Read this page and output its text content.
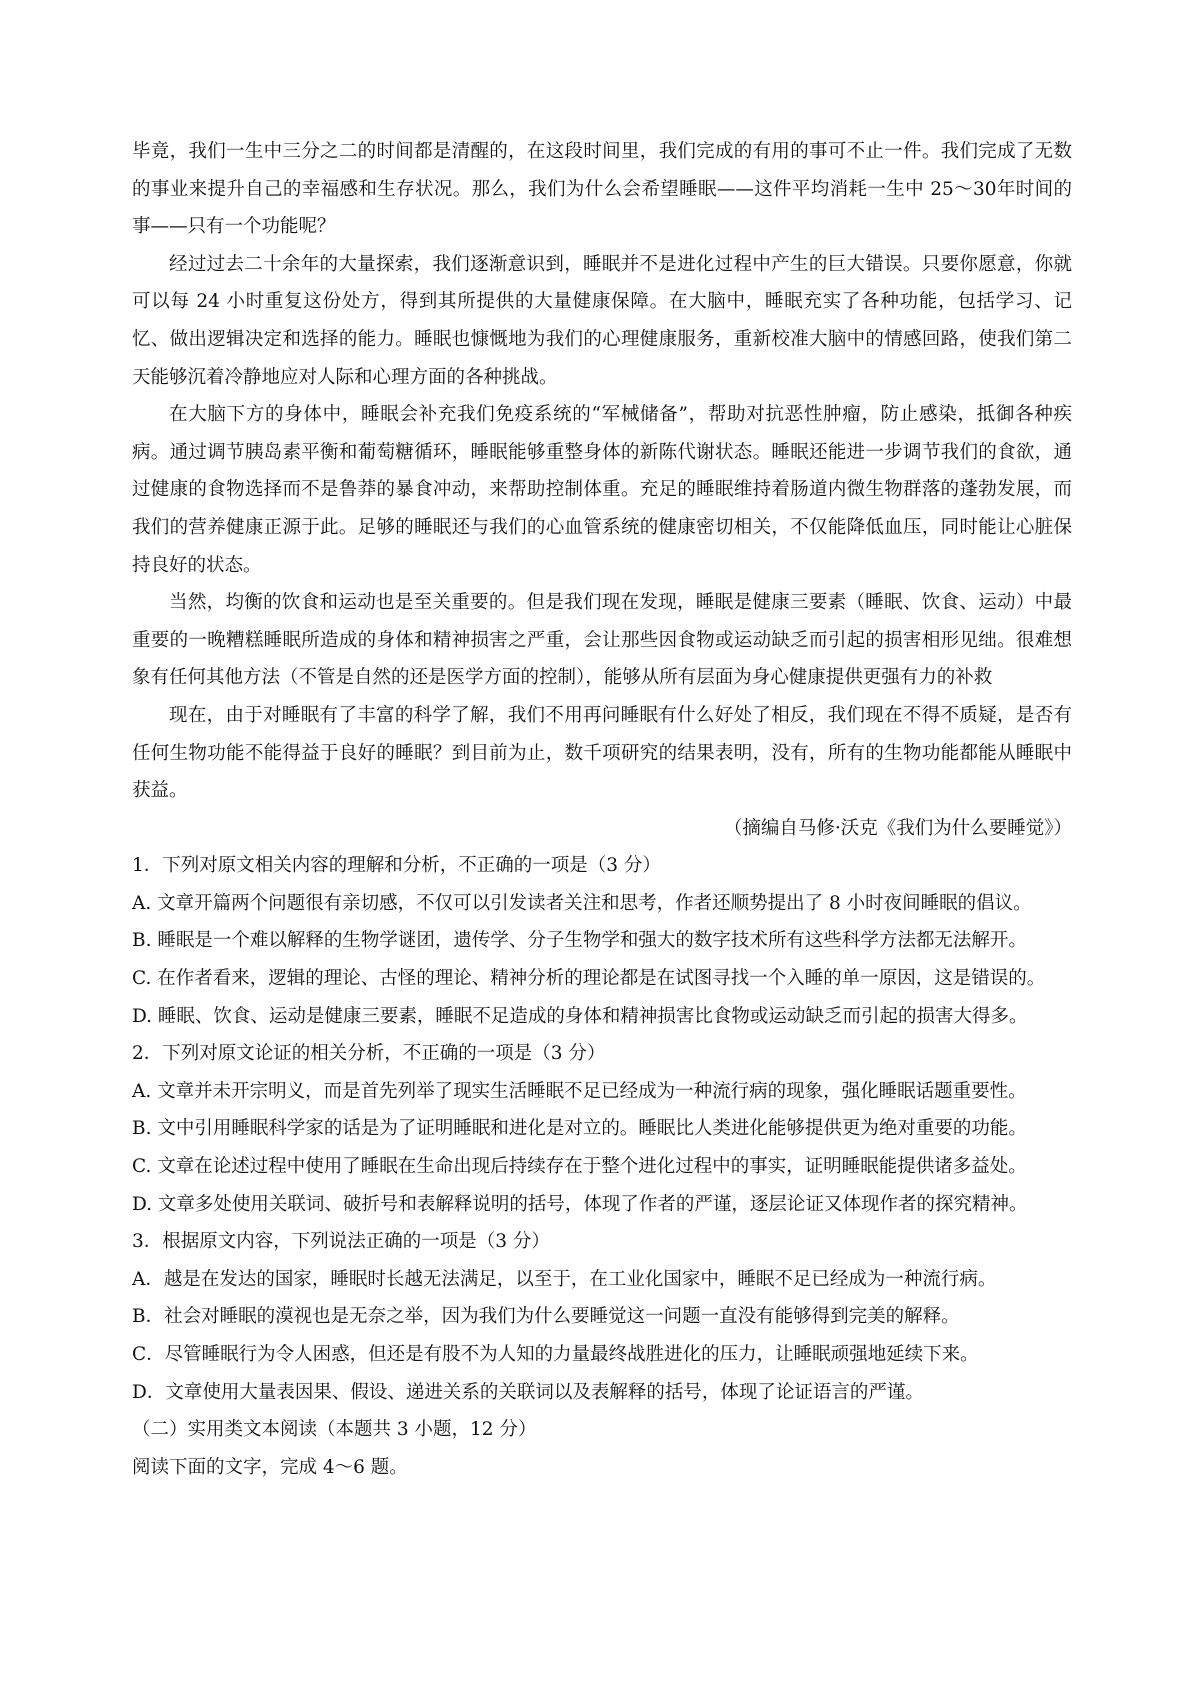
毕竟，我们一生中三分之二的时间都是清醒的，在这段时间里，我们完成的有用的事可不止一件。我们完成了无数的事业来提升自己的幸福感和生存状况。那么，我们为什么会希望睡眠——这件平均消耗一生中 25～30年时间的事——只有一个功能呢？

经过过去二十余年的大量探索，我们逐渐意识到，睡眠并不是进化过程中产生的巨大错误。只要你愿意，你就可以每 24 小时重复这份处方，得到其所提供的大量健康保障。在大脑中，睡眠充实了各种功能，包括学习、记忆、做出逻辑决定和选择的能力。睡眠也慷慨地为我们的心理健康服务，重新校准大脑中的情感回路，使我们第二天能够沉着冷静地应对人际和心理方面的各种挑战。

在大脑下方的身体中，睡眠会补充我们免疫系统的“军械储备”，帮助对抗恶性肿瘤，防止感染，抵御各种疾病。通过调节胰岛素平衡和葡萄糖循环，睡眠能够重整身体的新陈代谢状态。睡眠还能进一步调节我们的食欲，通过健康的食物选择而不是鲁莽的暴食冲动，来帮助控制体重。充足的睡眠维持着肠道内微生物群落的蓬勃发展，而我们的营养健康正源于此。足够的睡眠还与我们的心血管系统的健康密切相关，不仅能降低血压，同时能让心脏保持良好的状态。

当然，均衡的饮食和运动也是至关重要的。但是我们现在发现，睡眠是健康三要素（睡眠、饮食、运动）中最重要的一晚糟糕睡眠所造成的身体和精神损害之严重，会让那些因食物或运动缺乏而引起的损害相形见绌。很难想象有任何其他方法（不管是自然的还是医学方面的控制），能够从所有层面为身心健康提供更强有力的补救

现在，由于对睡眠有了丰富的科学了解，我们不用再问睡眠有什么好处了相反，我们现在不得不质疑，是否有任何生物功能不能得益于良好的睡眠？到目前为止，数千项研究的结果表明，没有，所有的生物功能都能从睡眠中获益。

（摘编自马修·沃克《我们为什么要睡觉》）

1．下列对原文相关内容的理解和分析，不正确的一项是（3 分）

A. 文章开篇两个问题很有亲切感，不仅可以引发读者关注和思考，作者还顺势提出了 8 小时夜间睡眠的倡议。

B. 睡眠是一个难以解释的生物学谜团，遗传学、分子生物学和强大的数字技术所有这些科学方法都无法解开。

C. 在作者看来，逻辑的理论、古怪的理论、精神分析的理论都是在试图寻找一个入睡的单一原因，这是错误的。

D. 睡眠、饮食、运动是健康三要素，睡眠不足造成的身体和精神损害比食物或运动缺乏而引起的损害大得多。

2．下列对原文论证的相关分析，不正确的一项是（3 分）

A. 文章并未开宗明义，而是首先列举了现实生活睡眠不足已经成为一种流行病的现象，强化睡眠话题重要性。

B. 文中引用睡眠科学家的话是为了证明睡眠和进化是对立的。睡眠比人类进化能够提供更为绝对重要的功能。

C. 文章在论述过程中使用了睡眠在生命出现后持续存在于整个进化过程中的事实，证明睡眠能提供诸多益处。

D. 文章多处使用关联词、破折号和表解释说明的括号，体现了作者的严谨，逐层论证又体现作者的探究精神。

3．根据原文内容，下列说法正确的一项是（3 分）

A．越是在发达的国家，睡眠时长越无法满足，以至于，在工业化国家中，睡眠不足已经成为一种流行病。

B．社会对睡眠的漠视也是无奈之举，因为我们为什么要睡觉这一问题一直没有能够得到完美的解释。

C．尽管睡眠行为令人困惑，但还是有股不为人知的力量最终战胜进化的压力，让睡眠顽强地延续下来。

D．文章使用大量表因果、假设、递进关系的关联词以及表解释的括号，体现了论证语言的严谨。

（二）实用类文本阅读（本题共 3 小题，12 分）

阅读下面的文字，完成 4～6 题。
